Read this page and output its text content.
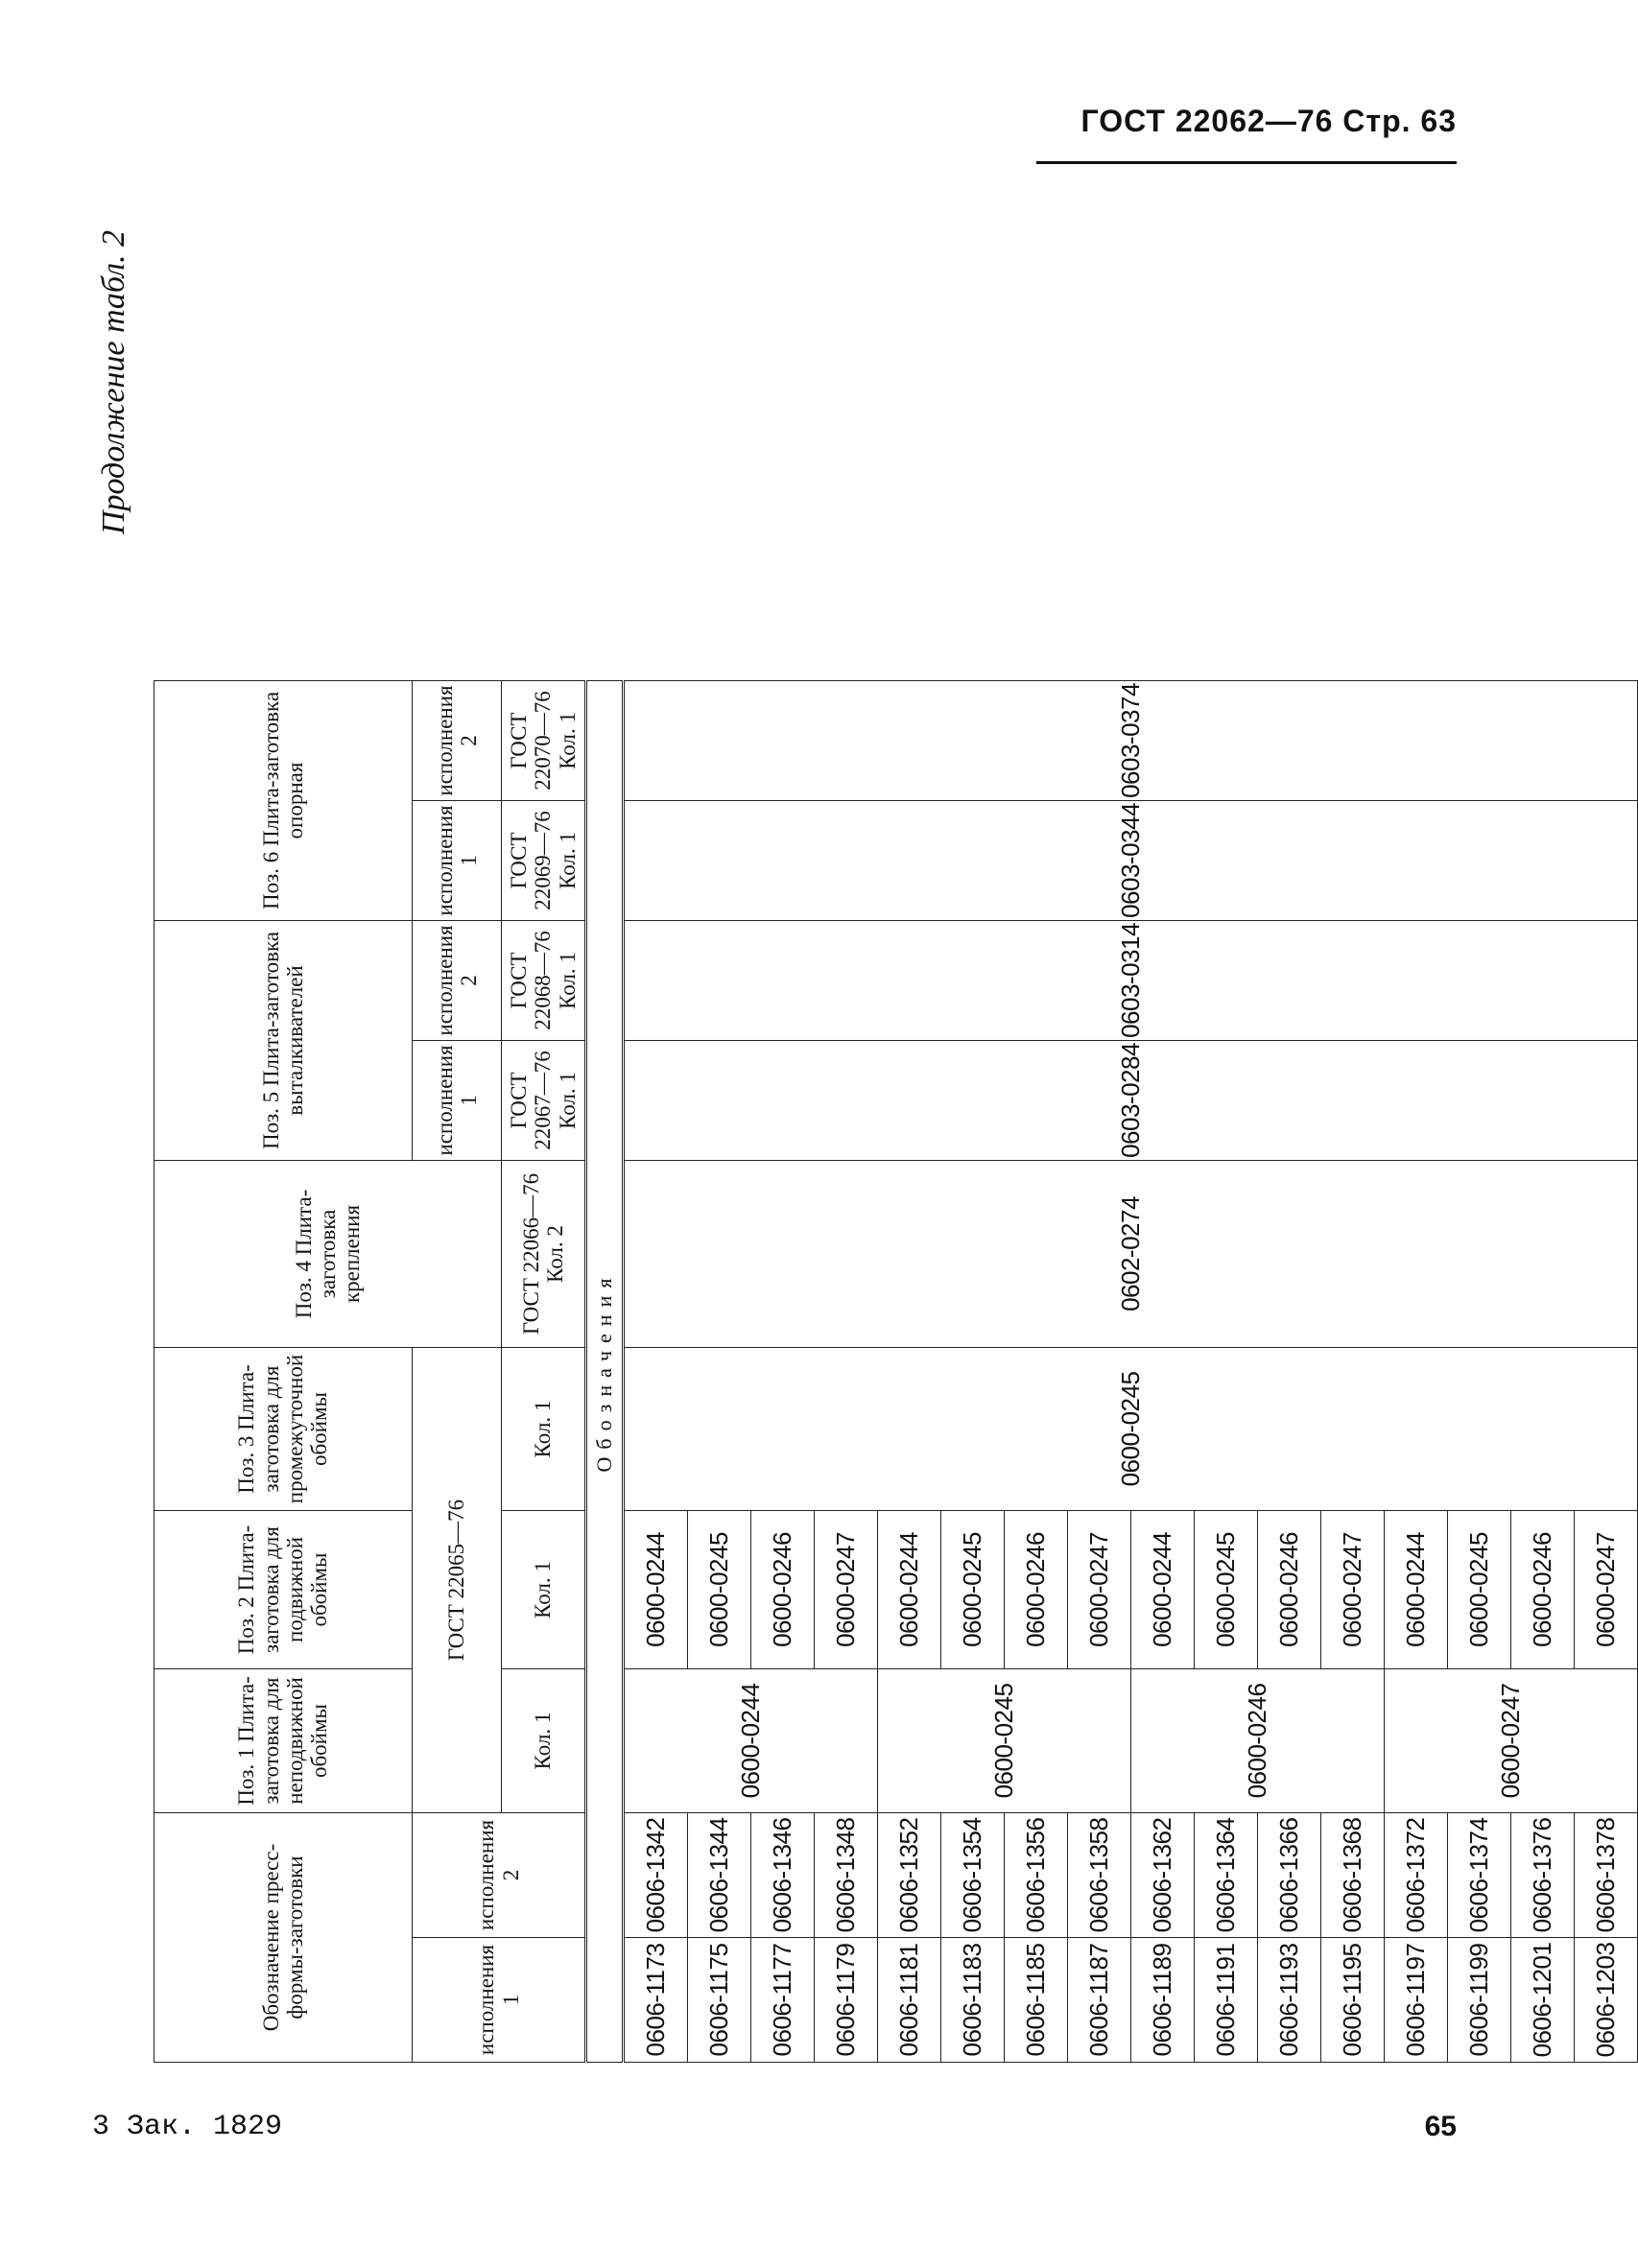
ГОСТ 22062—76 Стр. 63
Продолжение табл. 2
Обозначение пресс-формы-заготовки		Поз. 1 Плита-заготовка для неподвижной обоймы	Поз. 2 Плита-заготовка для подвижной обоймы	Поз. 3 Плита-заготовка для промежуточной обоймы	Поз. 4 Плита-заготовка крепления	Поз. 5 Плита-заготовка выталкивателей		Поз. 6 Плита-заготовка опорная		
исполнения 1	исполнения 2	ГОСТ 22065—76				исполнения 1	исполнения 2	исполнения 1	исполнения 2	
		Кол. 1	Кол. 1	Кол. 1	ГОСТ 22066—76 Кол. 2	ГОСТ 22067—76 Кол. 1	ГОСТ 22068—76 Кол. 1	ГОСТ 22069—76 Кол. 1	ГОСТ 22070—76 Кол. 1	
Обозначения										
0606-1173	0606-1342	0600-0244	0600-0244	0600-0245	0602-0274	0603-0284	0603-0314	0603-0344	0603-0374	
0606-1175	0606-1344		0600-0245							
0606-1177	0606-1346		0600-0246							
0606-1179	0606-1348		0600-0247							
0606-1181	0606-1352	0600-0245	0600-0244							
0606-1183	0606-1354		0600-0245							
0606-1185	0606-1356		0600-0246							
0606-1187	0606-1358		0600-0247							
0606-1189	0606-1362	0600-0246	0600-0244							
0606-1191	0606-1364		0600-0245							
0606-1193	0606-1366		0600-0246							
0606-1195	0606-1368		0600-0247							
0606-1197	0606-1372	0600-0247	0600-0244							
0606-1199	0606-1374		0600-0245							
0606-1201	0606-1376		0600-0246							
0606-1203	0606-1378		0600-0247							
3 Зак. 1829	65
